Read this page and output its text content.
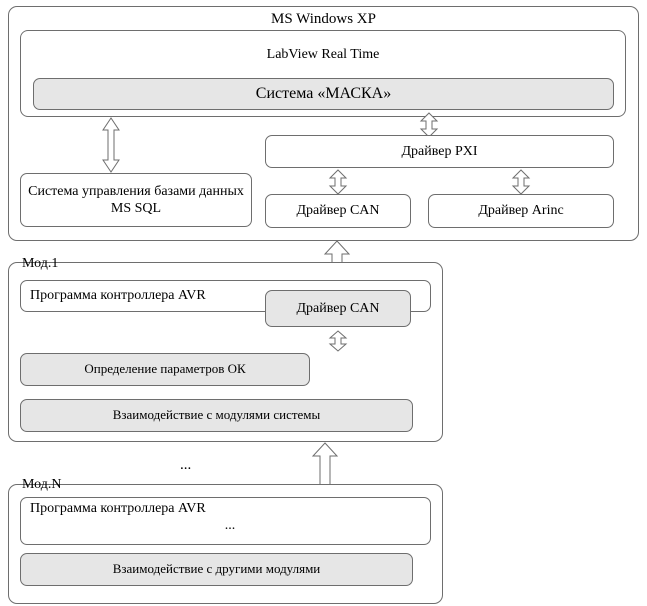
MS Windows XP
LabView Real Time
Система «МАСКА»
Система управления базами данных MS SQL
Драйвер PXI
Драйвер CAN	Драйвер Arinc
Мод.1
Программа контроллера AVR
Драйвер CAN
Определение параметров ОК
Взаимодействие с модулями системы
...
Мод.N
Программа контроллера AVR
...
Взаимодействие с другими модулями
